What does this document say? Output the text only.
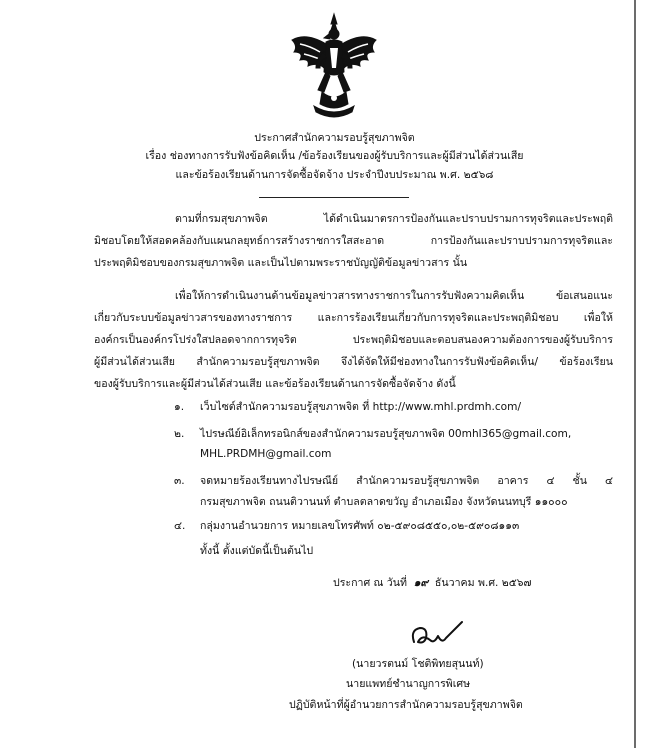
ประกาศสำนักความรอบรู้สุขภาพจิต

เรื่อง ช่องทางการรับฟังข้อคิดเห็น /ข้อร้องเรียนของผู้รับบริการและผู้มีส่วนได้ส่วนเสีย

และข้อร้องเรียนด้านการจัดซื้อจัดจ้าง ประจำปีงบประมาณ พ.ศ. ๒๕๖๘

ตามที่กรมสุขภาพจิต ได้ดำเนินมาตรการป้องกันและปราบปรามการทุจริตและประพฤติ

มิชอบโดยให้สอดคล้องกับแผนกลยุทธ์การสร้างราชการใสสะอาด การป้องกันและปราบปรามการทุจริตและ

ประพฤติมิชอบของกรมสุขภาพจิต และเป็นไปตามพระราชบัญญัติข้อมูลข่าวสาร นั้น

เพื่อให้การดำเนินงานด้านข้อมูลข่าวสารทางราชการในการรับฟังความคิดเห็น ข้อเสนอแนะ

เกี่ยวกับระบบข้อมูลข่าวสารของทางราชการ และการร้องเรียนเกี่ยวกับการทุจริตและประพฤติมิชอบ เพื่อให้

องค์กรเป็นองค์กรโปร่งใสปลอดจากการทุจริต ประพฤติมิชอบและตอบสนองความต้องการของผู้รับบริการ

ผู้มีส่วนได้ส่วนเสีย สำนักความรอบรู้สุขภาพจิต จึงได้จัดให้มีช่องทางในการรับฟังข้อคิดเห็น/ ข้อร้องเรียน

ของผู้รับบริการและผู้มีส่วนได้ส่วนเสีย และข้อร้องเรียนด้านการจัดซื้อจัดจ้าง ดังนี้

๑. เว็บไซต์สำนักความรอบรู้สุขภาพจิต ที่ http://www.mhl.prdmh.com/

๒. ไปรษณีย์อิเล็กทรอนิกส์ของสำนักความรอบรู้สุขภาพจิต 00mhl365@gmail.com,

MHL.PRDMH@gmail.com

๓. จดหมายร้องเรียนทางไปรษณีย์ สำนักความรอบรู้สุขภาพจิต อาคาร ๔ ชั้น ๔

กรมสุขภาพจิต ถนนติวานนท์ ตำบลตลาดขวัญ อำเภอเมือง จังหวัดนนทบุรี ๑๑๐๐๐

๔. กลุ่มงานอำนวยการ หมายเลขโทรศัพท์ ๐๒-๕๙๐๘๕๕๐,๐๒-๕๙๐๘๑๑๓

ทั้งนี้ ตั้งแต่บัดนี้เป็นต้นไป

ประกาศ ณ วันที่ ๑๙ ธันวาคม พ.ศ. ๒๕๖๗

(นายวรตนม์ โชติพิทยสุนนท์)

นายแพทย์ชำนาญการพิเศษ

ปฏิบัติหน้าที่ผู้อำนวยการสำนักความรอบรู้สุขภาพจิต
